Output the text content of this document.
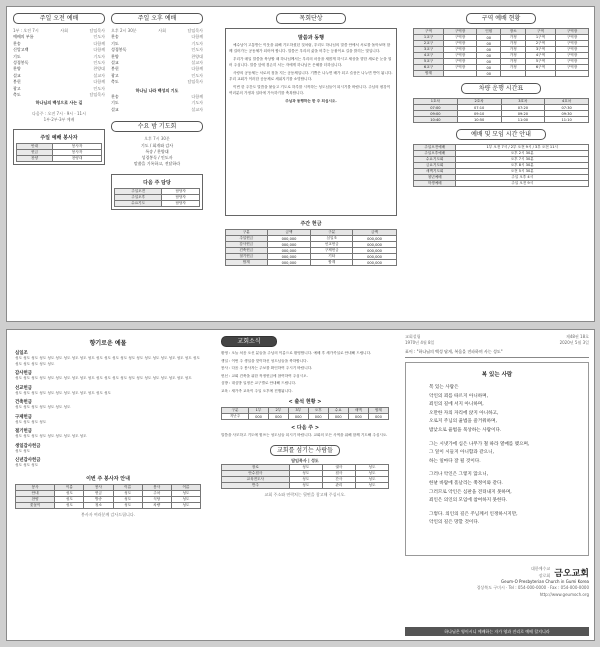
주일 오전 예배
1부 : 오전 7시	사회	담임목사
예배의 부름	인도자
찬송	다함께
신앙고백	다함께
기도	기도자
성경봉독	인도자
찬양	찬양대
설교	설교자
봉헌	다함께
광고	인도자
축도	담임목사
하나님의 백성으로 사는 길
다음주 : 오전 7시 · 9시 · 11시
1부·2부·3부 예배
주일 예배 봉사자
안내	봉사자
헌금	봉사자
찬양	찬양대
주일 오후 예배
오후 2시 30분	사회	담임목사
찬송	다함께
기도	기도자
성경봉독	인도자
찬양	찬양대
설교	설교자
봉헌	다함께
광고	인도자
축도	담임목사
하나님 나라 백성의 기도
찬송	다함께
기도	기도자
설교	설교자
수요 밤 기도회
오후 7시 30분
기도 / 회개와 감사
특송 / 찬양대
성경봉독 / 인도자
말씀을 기록하고, 전달하라
다음 주 담당
주일오전	담당자
주일오후	담당자
수요기도	담당자
목회단상
말씀과 동행

예수님이 고통받는 이웃을 위해 기도하셨던 것처럼, 우리도 하나님의 말씀 안에서 서로를 돌아보며 함께 걸어가는 공동체가 되어야 합니다. 말씀은 우리의 삶을 비추는 등불이요 길을 밝히는 빛입니다.

우리가 매일 말씀을 묵상할 때 하나님께서는 우리의 마음을 새롭게 하시고 세상을 향한 새로운 눈을 열어 주십니다. 말씀 앞에 겸손히 서는 자에게 하나님은 은혜를 더하십니다.

사랑의 공동체는 서로의 짐을 지는 공동체입니다. 기쁨은 나누면 배가 되고 슬픔은 나누면 반이 됩니다. 우리 교회가 이러한 공동체로 세워지기를 소망합니다.

이번 한 주간도 말씀을 붙들고 기도로 하루를 시작하는 성도님들이 되시기를 바랍니다. 주님의 평강이 여러분의 가정과 일터에 가득하기를 축복합니다.

주님과 동행하는 한 주 되십시오.
주간 헌금
구분	금액	구분	금액
주일헌금	000,000	십일조	000,000
감사헌금	000,000	선교헌금	000,000
건축헌금	000,000	구제헌금	000,000
절기헌금	000,000	기타	000,000
합계	000,000	합계	000,000
구역 예배 현황
구역	구역장	인원	장소	구역	구역장
1교구	구역장	00	가정	1구역	구역장
2교구	구역장	00	가정	2구역	구역장
3교구	구역장	00	가정	3구역	구역장
4교구	구역장	00	가정	4구역	구역장
5교구	구역장	00	가정	5구역	구역장
6교구	구역장	00	가정	6구역	구역장
합계		00			
차량 운행 시간표
1호차	2호차	3호차	4호차
07:00	07:10	07:20	07:30
09:00	09:10	09:20	09:30
10:40	10:50	11:00	11:10
예배 및 모임 시간 안내
주일오전예배	1부 오전 7시 / 2부 오전 9시 / 3부 오전 11시
주일오후예배	오후 2시 30분
수요기도회	오후 7시 30분
금요기도회	오후 8시 30분
새벽기도회	오전 5시 30분
청년예배	주일 오후 4시
학생예배	주일 오전 9시
향기로운 예물
십일조
성도 성도 성도 성도 성도 성도 성도 성도 성도 성도 성도 성도 성도 성도 성도 성도 성도 성도 성도 성도 성도 성도 성도 성도 성도 성도 성도 성도
감사헌금
성도 성도 성도 성도 성도 성도 성도 성도 성도 성도 성도 성도 성도 성도 성도 성도 성도 성도 성도 성도 성도 성도
선교헌금
성도 성도 성도 성도 성도 성도 성도 성도 성도 성도 성도 성도
건축헌금
성도 성도 성도 성도 성도 성도 성도
구제헌금
성도 성도 성도 성도
절기헌금
성도 성도 성도 성도 성도 성도 성도 성도 성도
생일감사헌금
성도 성도
신년감사헌금
성도 성도 성도
이번 주 봉사자 안내
봉사	이름	봉사	이름	봉사	이름
안내	성도	헌금	성도	주차	성도
찬양	성도	방송	성도	식당	성도
꽃꽂이	성도	청소	성도	차량	성도
봉사자 여러분께 감사드립니다.
교회소식
환영 : 오늘 처음 오신 분들을 주님의 이름으로 환영합니다. 예배 후 새가족실로 안내해 드립니다.
생일 : 이번 주 생일을 맞이하신 성도님들을 축하합니다.
봉사 : 다음 주 봉사자는 주보를 확인하여 주시기 바랍니다.
헌신 : 교회 건축을 위한 작정헌금에 참여하여 주십시오.
심방 : 대심방 일정은 교구별로 안내해 드립니다.
교육 : 새가족 교육이 주일 오후에 진행됩니다.
< 출석 현황 >
구분	1부	2부	3부	오후	수요	새벽	합계
지난주	000	000	000	000	000	000	000
< 다음 주 >
말씀을 사모하고 기도에 힘쓰는 성도님들 되시기 바랍니다. 교회의 모든 사역을 위해 함께 기도해 주십시오.
교회를 섬기는 사람들
담임목사 | 성도
장로	성도	권사	성도
안수집사	성도	집사	성도
교육전도사	성도	간사	성도
반주	성도	관리	성도
교회 주소와 연락처는 뒷면을 참고해 주십시오.
교회설립	제48권 18호
1970년 4월 8일	2020년 5월 3일
표어 : "하나님의 백성 답게, 복음을 전파하며 사는 성도"
복 있는 사람
복 있는 사람은
악인의 꾀를 따르지 아니하며,
죄인의 길에 서지 아니하며,
오만한 자의 자리에 앉지 아니하고,
오로지 주님의 율법을 즐거워하며,
밤낮으로 율법을 묵상하는 사람이다.
그는 시냇가에 심은 나무가 철 따라 열매를 맺으며,
그 잎이 시들지 아니함과 같으니,
하는 일마다 잘 될 것이다.
그러나 악인은 그렇지 않으니,
한낱 바람에 흩날리는 쭉정이와 같다.
그러므로 악인은 심판을 견뎌내지 못하며,
죄인은 의인의 모임에 참여하지 못한다.
그렇다. 의인의 길은 주님께서 인정하시지만,
악인의 길은 망할 것이다.
대한예수교
장로회 금오교회
Geum-O Presbyterian Church in Gumi Korea
경상북도 구미시 · Tel : 054-000-0000 · Fax : 054-000-0000
http://www.geumoch.org
하나님은 영이시니 예배하는 자가 영과 진리로 예배 할지니라
